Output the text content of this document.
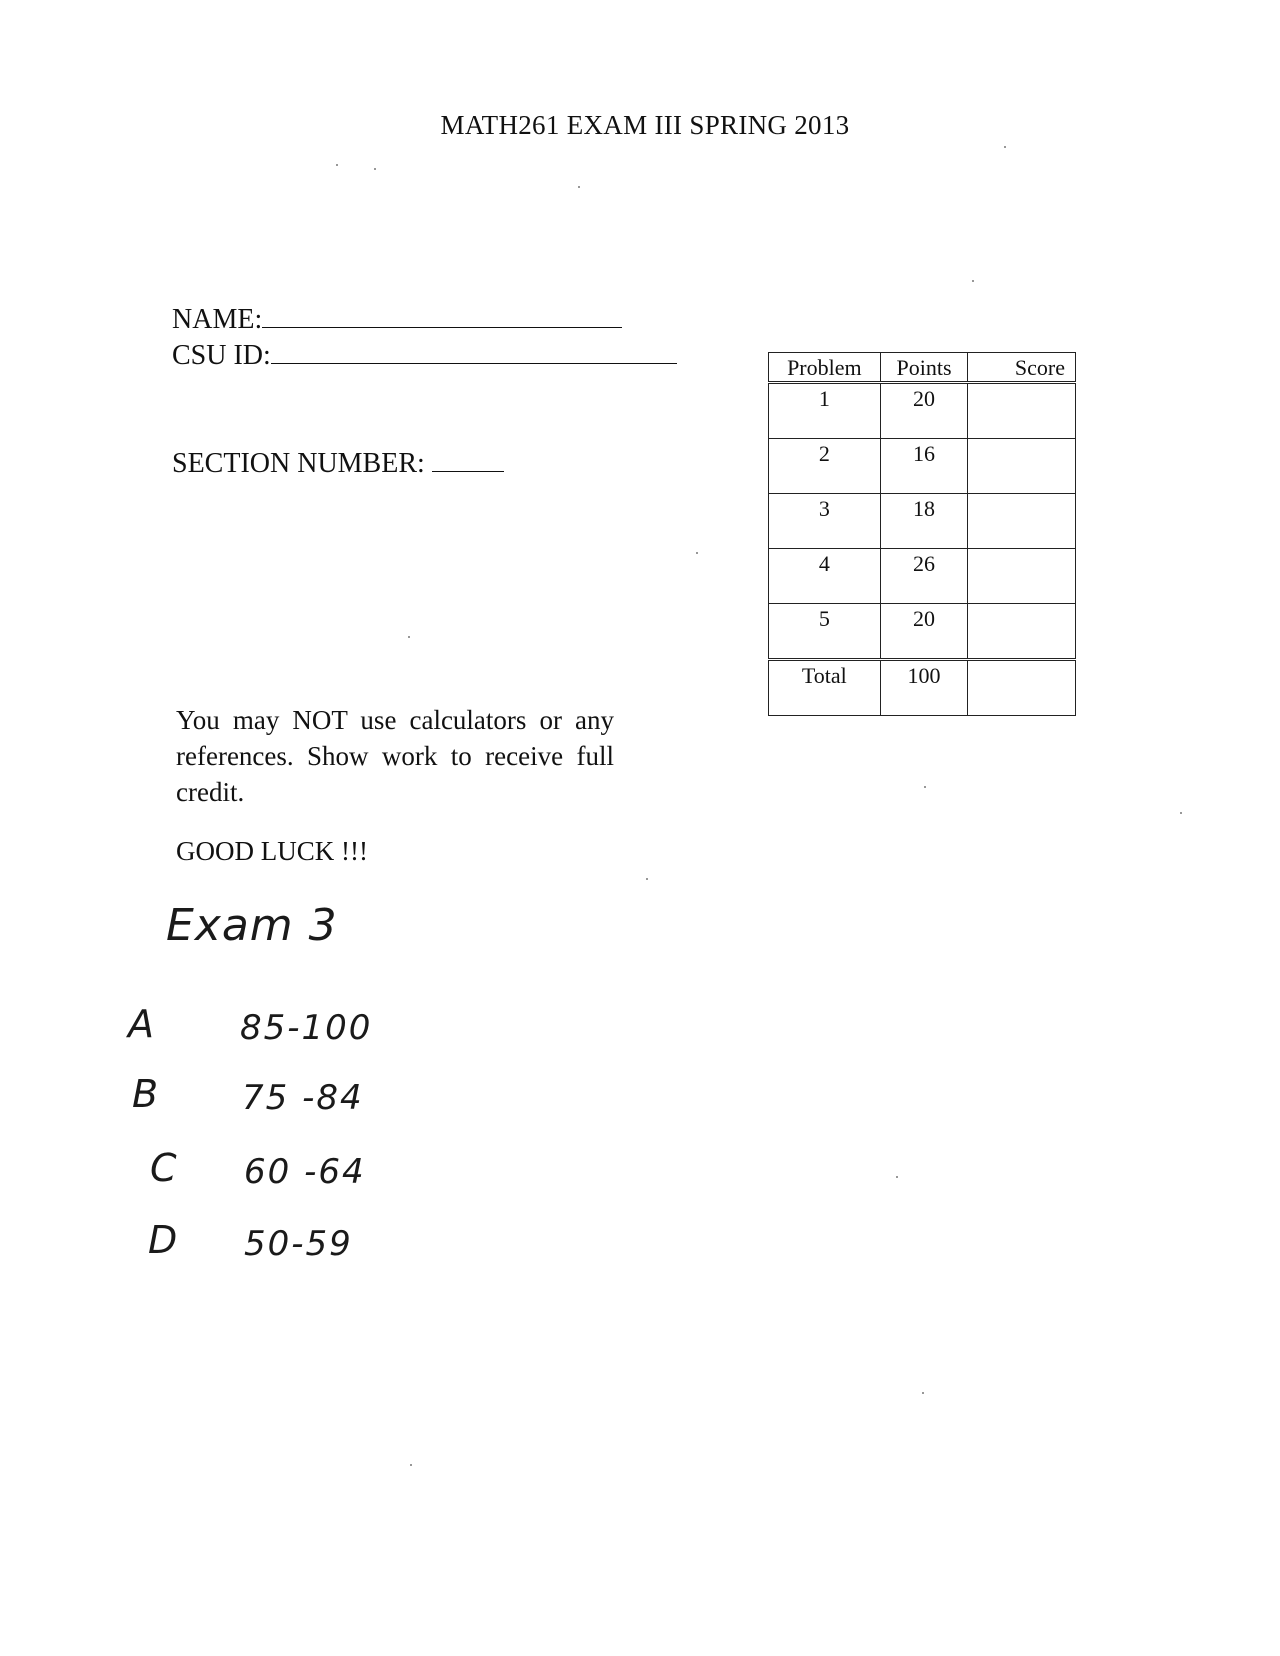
MATH261 EXAM III SPRING 2013
NAME:
CSU ID:
SECTION NUMBER:
Problem	Points	Score
1	20	
2	16	
3	18	
4	26	
5	20	
Total	100	
You may NOT use calculators or any references. Show work to receive full credit.
GOOD LUCK !!!
Exam 3
A	85-100
B 75 -84
C 60 -64
D 50-59
